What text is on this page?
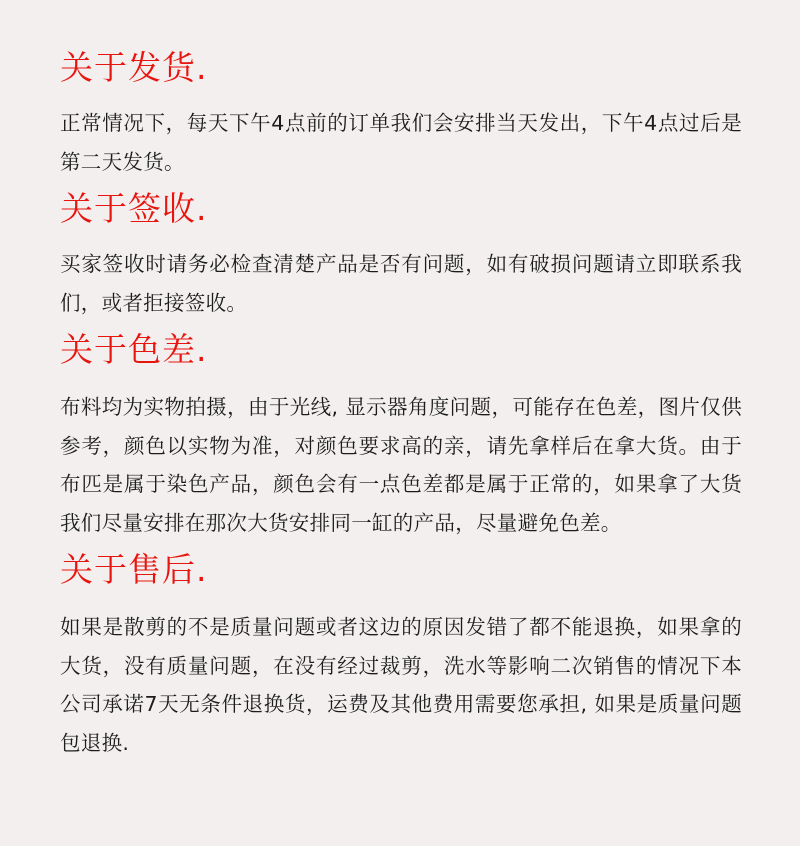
关于发货.

正常情况下，每天下午4点前的订单我们会安排当天发出，下午4点过后是第二天发货。

关于签收.

买家签收时请务必检查清楚产品是否有问题，如有破损问题请立即联系我们，或者拒接签收。

关于色差.

布料均为实物拍摄，由于光线, 显示器角度问题，可能存在色差，图片仅供参考，颜色以实物为准，对颜色要求高的亲，请先拿样后在拿大货。由于布匹是属于染色产品，颜色会有一点色差都是属于正常的，如果拿了大货我们尽量安排在那次大货安排同一缸的产品，尽量避免色差。

关于售后.

如果是散剪的不是质量问题或者这边的原因发错了都不能退换，如果拿的大货，没有质量问题，在没有经过裁剪，洗水等影响二次销售的情况下本公司承诺7天无条件退换货，运费及其他费用需要您承担, 如果是质量问题包退换.
